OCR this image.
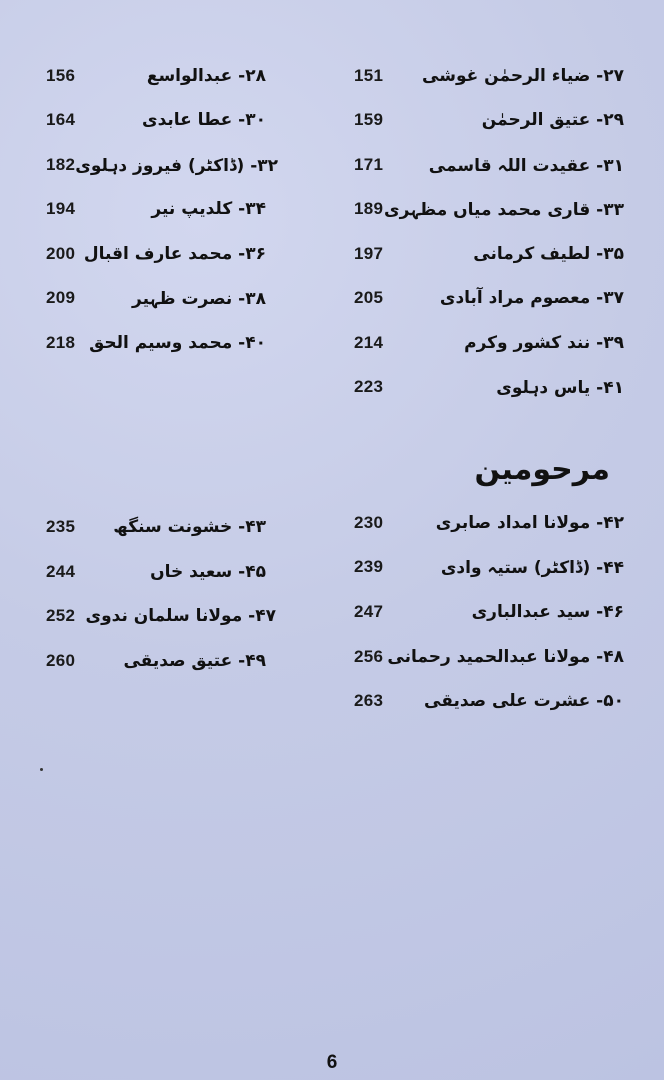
151	۲۷- ضیاء الرحمٰن غوشی
156	۲۸- عبدالواسع
159	۲۹- عتیق الرحمٰن
164	۳۰- عطا عابدی
171	۳۱- عقیدت اللہ قاسمی
182	۳۲- (ڈاکٹر) فیروز دہلوی
189	۳۳- قاری محمد میاں مظہری
194	۳۴- کلدیپ نیر
197	۳۵- لطیف کرمانی
200	۳۶- محمد عارف اقبال
205	۳۷- معصوم مراد آبادی
209	۳۸- نصرت ظہیر
214	۳۹- نند کشور وکرم
218	۴۰- محمد وسیم الحق
223	۴۱- یاس دہلوی
مرحومین
230	۴۲- مولانا امداد صابری
235	۴۳- خشونت سنگھ
239	۴۴- (ڈاکٹر) ستیہ وادی
244	۴۵- سعید خاں
247	۴۶- سید عبدالباری
252	۴۷- مولانا سلمان ندوی
256	۴۸- مولانا عبدالحمید رحمانی
260	۴۹- عتیق صدیقی
263	۵۰- عشرت علی صدیقی
6
